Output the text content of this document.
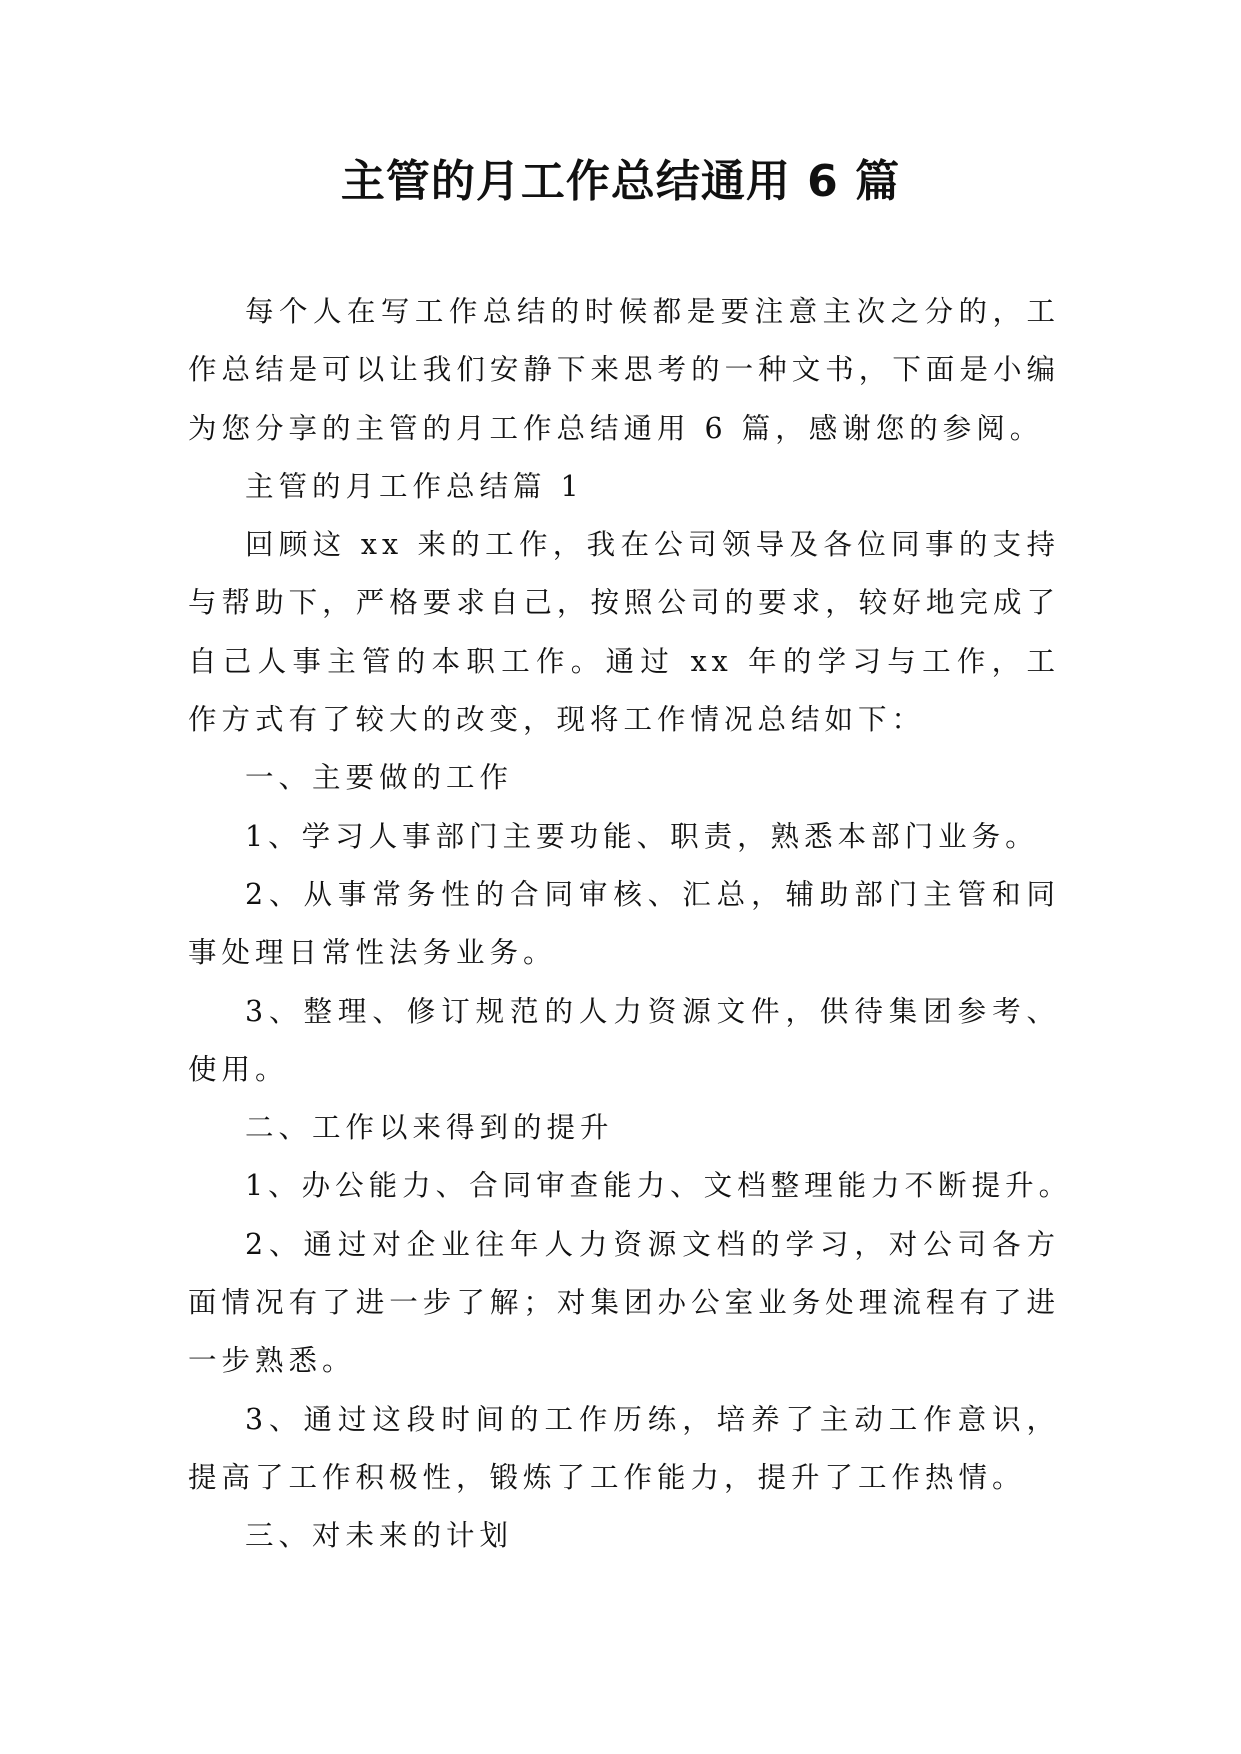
主管的月工作总结通用 6 篇

每个人在写工作总结的时候都是要注意主次之分的，工作总结是可以让我们安静下来思考的一种文书，下面是小编为您分享的主管的月工作总结通用 6 篇，感谢您的参阅。

主管的月工作总结篇 1

回顾这 xx 来的工作，我在公司领导及各位同事的支持与帮助下，严格要求自己，按照公司的要求，较好地完成了自己人事主管的本职工作。通过 xx 年的学习与工作，工作方式有了较大的改变，现将工作情况总结如下：

一、主要做的工作

1、学习人事部门主要功能、职责，熟悉本部门业务。

2、从事常务性的合同审核、汇总，辅助部门主管和同事处理日常性法务业务。

3、整理、修订规范的人力资源文件，供待集团参考、使用。

二、工作以来得到的提升

1、办公能力、合同审查能力、文档整理能力不断提升。

2、通过对企业往年人力资源文档的学习，对公司各方面情况有了进一步了解；对集团办公室业务处理流程有了进一步熟悉。

3、通过这段时间的工作历练，培养了主动工作意识，提高了工作积极性，锻炼了工作能力，提升了工作热情。

三、对未来的计划
